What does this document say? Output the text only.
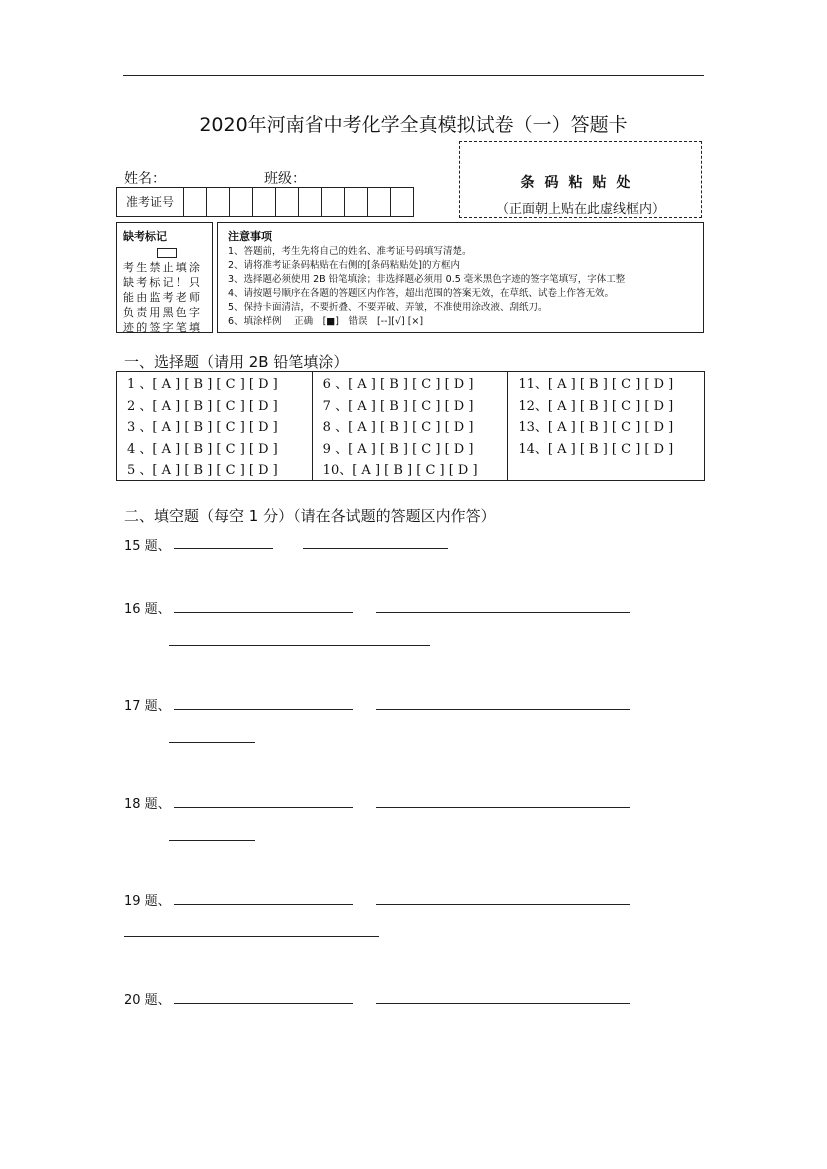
2020年河南省中考化学全真模拟试卷（一）答题卡
姓名：	班级：	条码粘贴处
（正面朝上贴在此虚线框内）
准考证号
缺考标记
考生禁止填涂缺考标记！只能由监考老师负责用黑色字迹的签字笔填
注意事项
1、答题前，考生先将自己的姓名、准考证号码填写清楚。
2、请将准考证条码粘贴在右侧的[条码粘贴处]的方框内
3、选择题必须使用 2B 铅笔填涂；非选择题必须用 0.5 毫米黑色字迹的签字笔填写，字体工整
4、请按题号顺序在各题的答题区内作答，超出范围的答案无效，在草纸、试卷上作答无效。
5、保持卡面清洁，不要折叠、不要弄破、弄皱，不准使用涂改液、刮纸刀。
6、填涂样例　 正确　[■]　错误　[--][√] [×]
一、选择题（请用 2B 铅笔填涂）
1 、[ A ] [ B ] [ C ] [ D ]
2 、[ A ] [ B ] [ C ] [ D ]
3 、[ A ] [ B ] [ C ] [ D ]
4 、[ A ] [ B ] [ C ] [ D ]
5 、[ A ] [ B ] [ C ] [ D ]
6 、[ A ] [ B ] [ C ] [ D ]
7 、[ A ] [ B ] [ C ] [ D ]
8 、[ A ] [ B ] [ C ] [ D ]
9 、[ A ] [ B ] [ C ] [ D ]
10、[ A ] [ B ] [ C ] [ D ]
11、[ A ] [ B ] [ C ] [ D ]
12、[ A ] [ B ] [ C ] [ D ]
13、[ A ] [ B ] [ C ] [ D ]
14、[ A ] [ B ] [ C ] [ D ]
二、填空题（每空 1 分）（请在各试题的答题区内作答）
15 题、
16 题、
17 题、
18 题、
19 题、
20 题、
